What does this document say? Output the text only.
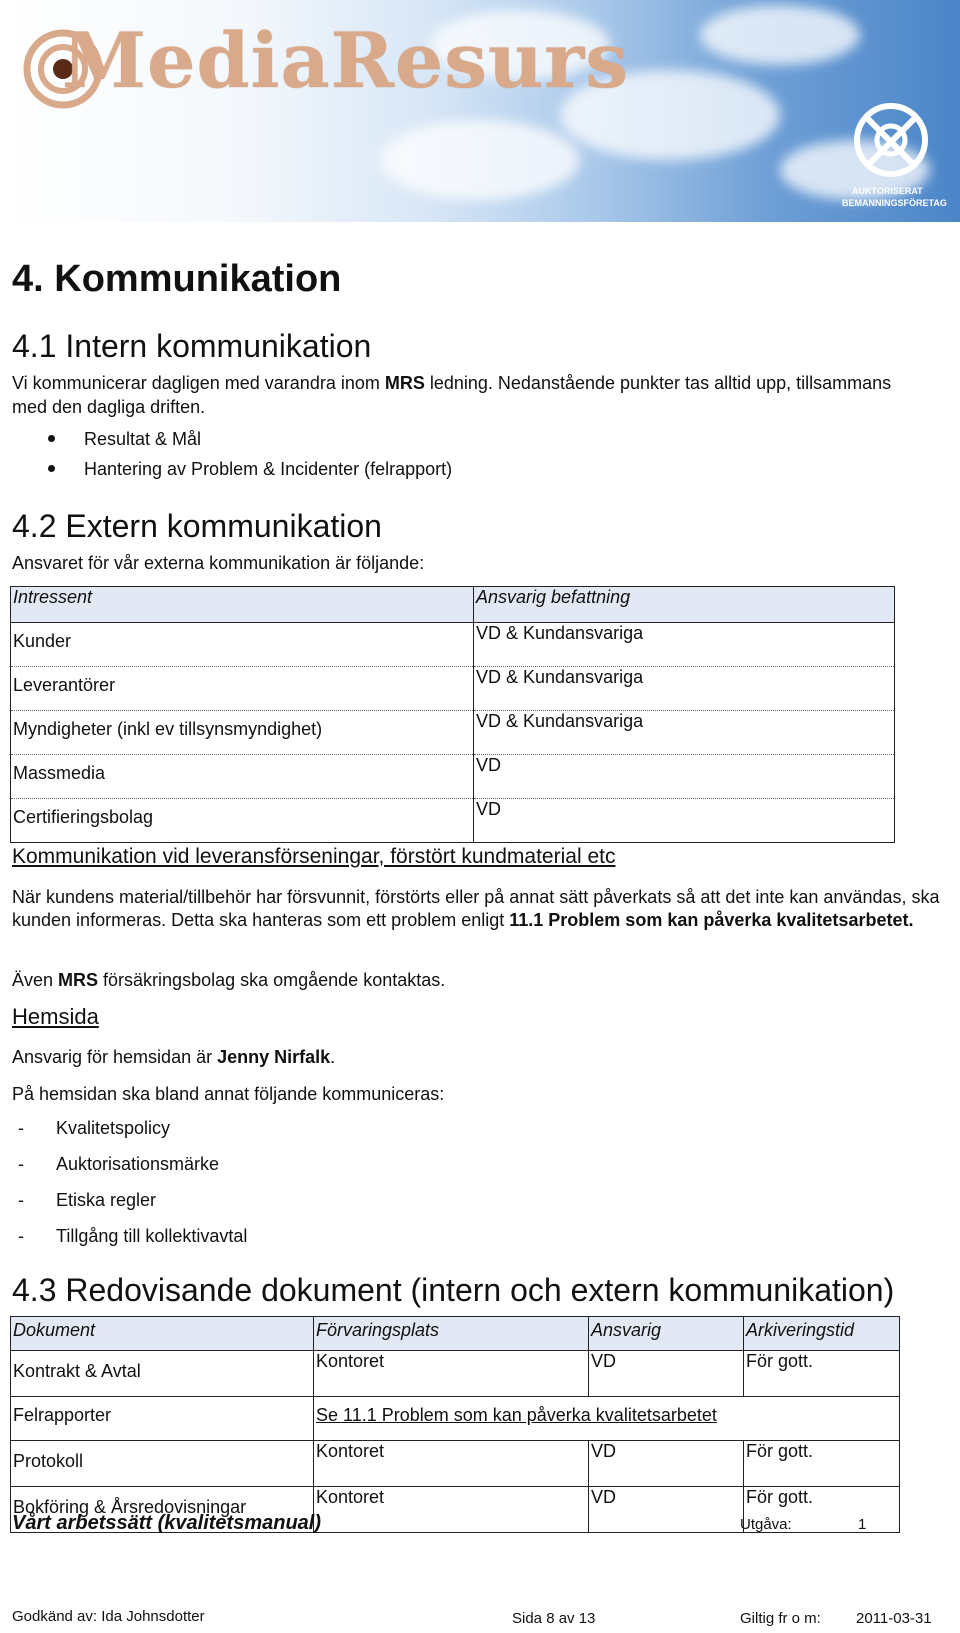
MediaResurs
AUKTORISERAT
BEMANNINGSFÖRETAG
4. Kommunikation
4.1 Intern kommunikation
Vi kommunicerar dagligen med varandra inom MRS ledning. Nedanstående punkter tas alltid upp, tillsammans med den dagliga driften.
Resultat & Mål
Hantering av Problem & Incidenter (felrapport)
4.2 Extern kommunikation
Ansvaret för vår externa kommunikation är följande:
Intressent	Ansvarig befattning
Kunder	VD & Kundansvariga
Leverantörer	VD & Kundansvariga
Myndigheter (inkl ev tillsynsmyndighet)	VD & Kundansvariga
Massmedia	VD
Certifieringsbolag	VD
Kommunikation vid leveransförseningar, förstört kundmaterial etc
När kundens material/tillbehör har försvunnit, förstörts eller på annat sätt påverkats så att det inte kan användas, ska kunden informeras. Detta ska hanteras som ett problem enligt 11.1 Problem som kan påverka kvalitetsarbetet.
Även MRS försäkringsbolag ska omgående kontaktas.
Hemsida
Ansvarig för hemsidan är Jenny Nirfalk.
På hemsidan ska bland annat följande kommuniceras:
- Kvalitetspolicy
- Auktorisationsmärke
- Etiska regler
- Tillgång till kollektivavtal
4.3 Redovisande dokument (intern och extern kommunikation)
Dokument	Förvaringsplats	Ansvarig	Arkiveringstid
Kontrakt & Avtal	Kontoret	VD	För gott.
Felrapporter	Se 11.1 Problem som kan påverka kvalitetsarbetet		
Protokoll	Kontoret	VD	För gott.
Bokföring & Årsredovisningar	Kontoret	VD	För gott.
Vårt arbetssätt (kvalitetsmanual)	Utgåva:	1
Godkänd av: Ida Johnsdotter	Sida 8 av 13	Giltig fr o m: 2011-03-31
